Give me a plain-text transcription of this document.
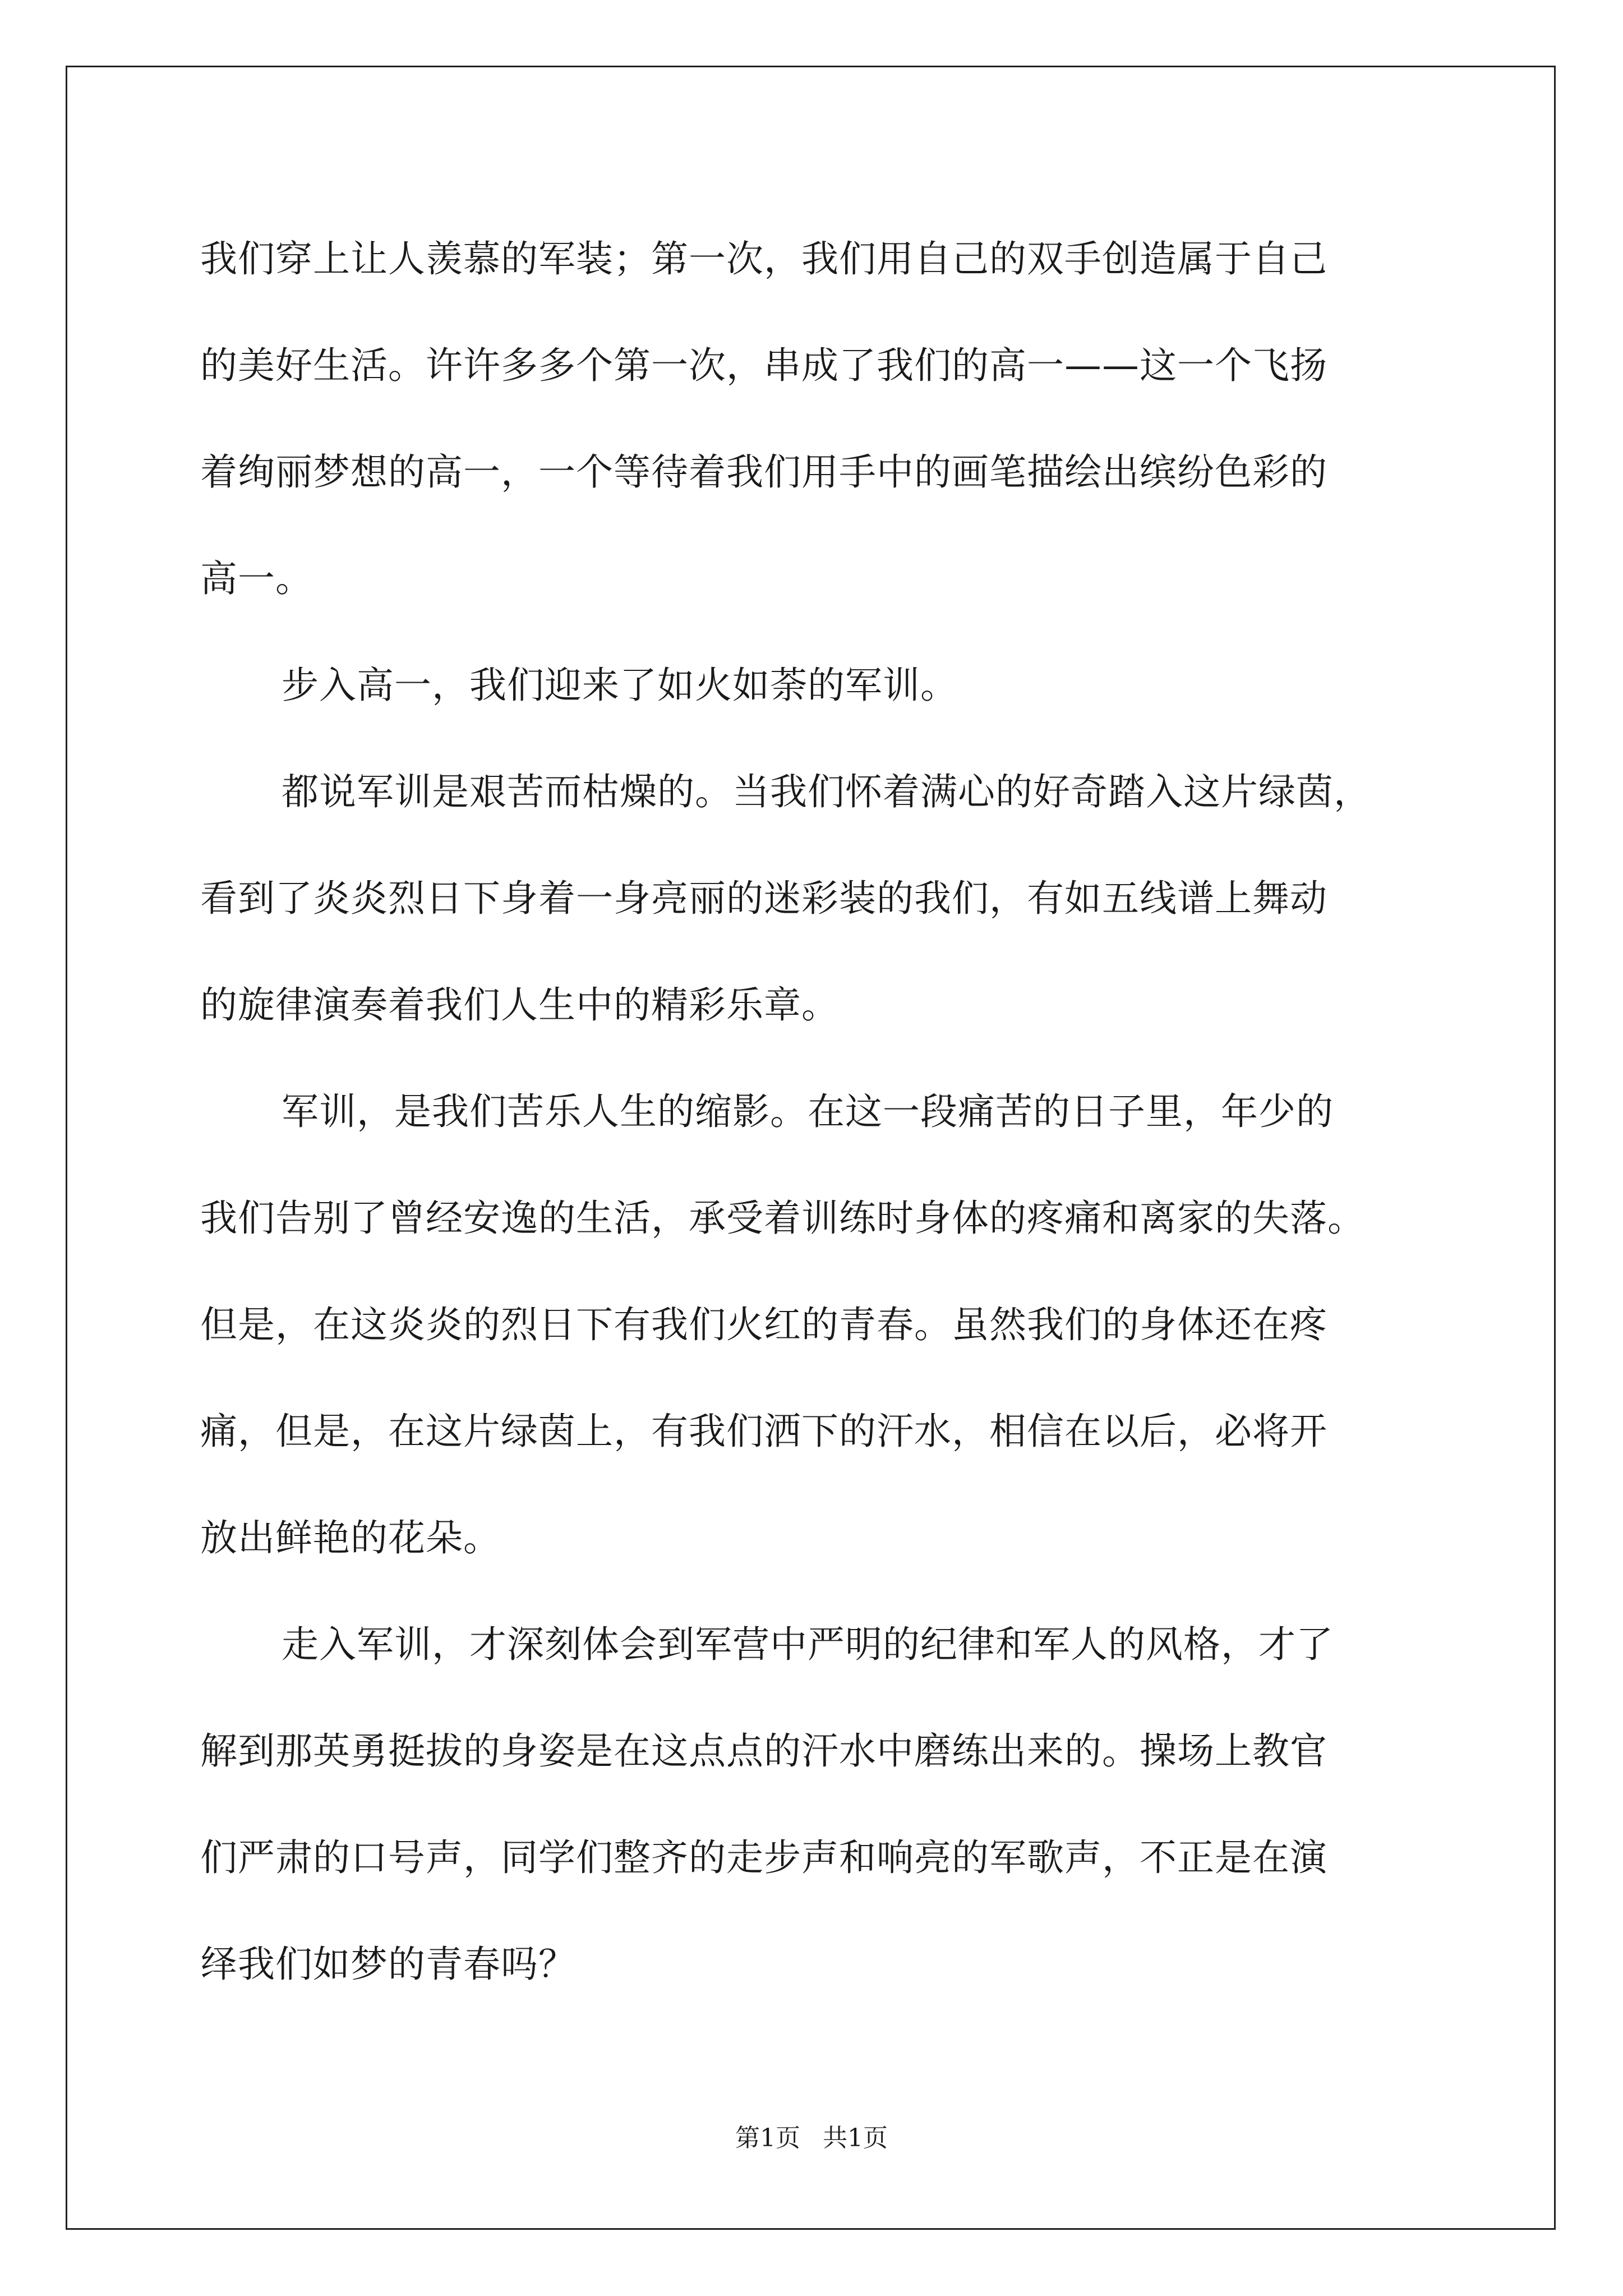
我们穿上让人羡慕的军装；第一次，我们用自己的双手创造属于自己
的美好生活。许许多多个第一次，串成了我们的高一——这一个飞扬
着绚丽梦想的高一，一个等待着我们用手中的画笔描绘出缤纷色彩的
高一。
步入高一，我们迎来了如火如荼的军训。
都说军训是艰苦而枯燥的。当我们怀着满心的好奇踏入这片绿茵，
看到了炎炎烈日下身着一身亮丽的迷彩装的我们，有如五线谱上舞动
的旋律演奏着我们人生中的精彩乐章。
军训，是我们苦乐人生的缩影。在这一段痛苦的日子里，年少的
我们告别了曾经安逸的生活，承受着训练时身体的疼痛和离家的失落。
但是，在这炎炎的烈日下有我们火红的青春。虽然我们的身体还在疼
痛，但是，在这片绿茵上，有我们洒下的汗水，相信在以后，必将开
放出鲜艳的花朵。
走入军训，才深刻体会到军营中严明的纪律和军人的风格，才了
解到那英勇挺拔的身姿是在这点点的汗水中磨练出来的。操场上教官
们严肃的口号声，同学们整齐的走步声和响亮的军歌声，不正是在演
绎我们如梦的青春吗？
第1页 共1页
